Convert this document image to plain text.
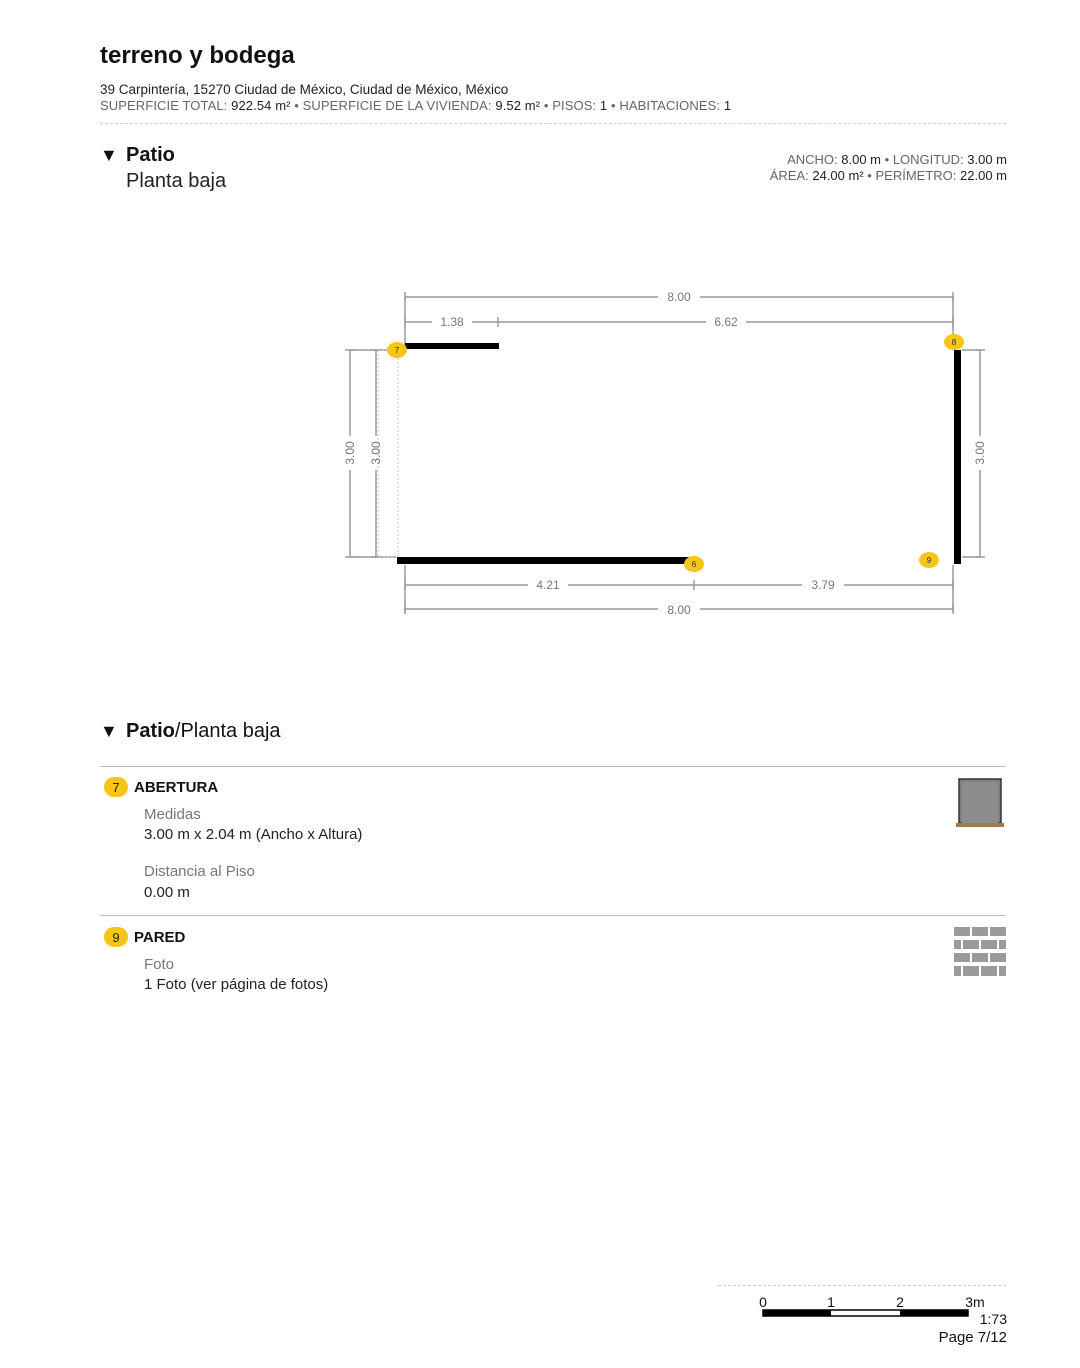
terreno y bodega
39 Carpintería, 15270 Ciudad de México, Ciudad de México, México
SUPERFICIE TOTAL: 922.54 m² • SUPERFICIE DE LA VIVIENDA: 9.52 m² • PISOS: 1 • HABITACIONES: 1
▼ Patio
Planta baja
ANCHO: 8.00 m • LONGITUD: 3.00 m
ÁREA: 24.00 m² • PERÍMETRO: 22.00 m
8.00
1.38	6.62
4.21	3.79
8.00
3.00 3.00	3.00
7
8
6	9
▼ Patio/Planta baja
7 ABERTURA
Medidas
3.00 m x 2.04 m (Ancho x Altura)
Distancia al Piso
0.00 m
9 PARED
Foto
1 Foto (ver página de fotos)
0	1	2	3m
1:73
Page 7/12
